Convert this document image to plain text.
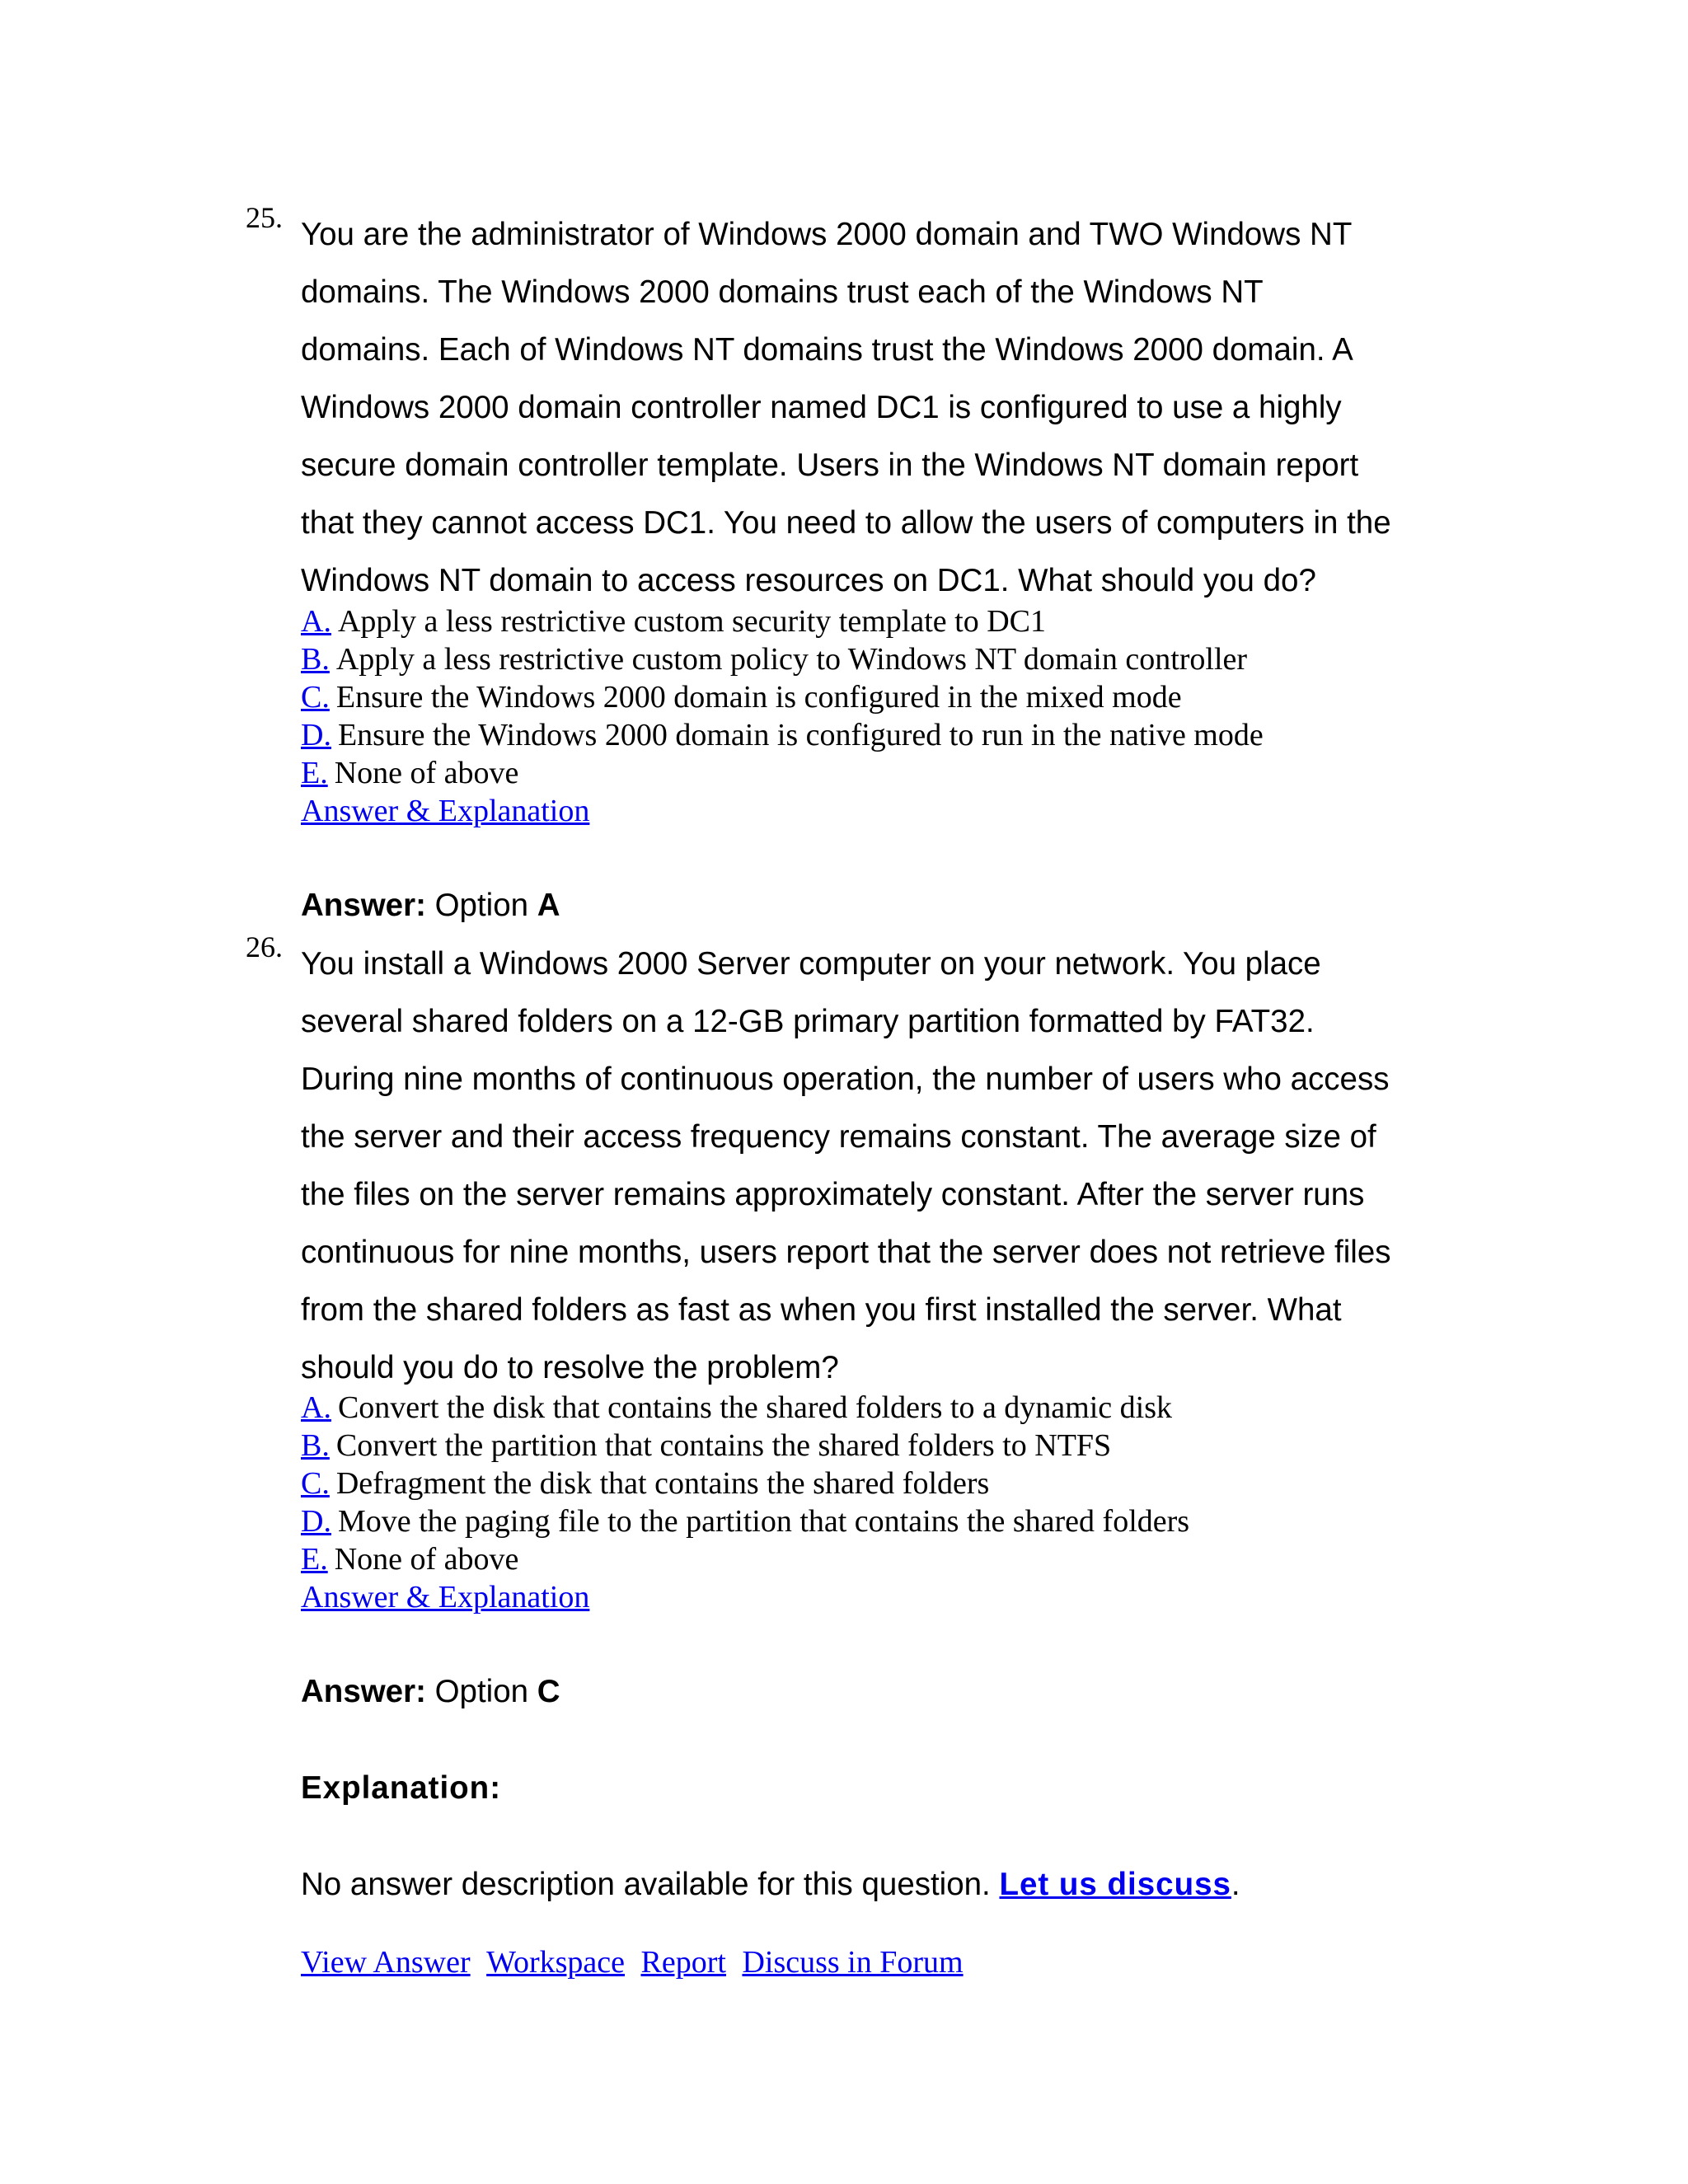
25. You are the administrator of Windows 2000 domain and TWO Windows NT
domains. The Windows 2000 domains trust each of the Windows NT
domains. Each of Windows NT domains trust the Windows 2000 domain. A
Windows 2000 domain controller named DC1 is configured to use a highly
secure domain controller template. Users in the Windows NT domain report
that they cannot access DC1. You need to allow the users of computers in the
Windows NT domain to access resources on DC1. What should you do?
A. Apply a less restrictive custom security template to DC1
B. Apply a less restrictive custom policy to Windows NT domain controller
C. Ensure the Windows 2000 domain is configured in the mixed mode
D. Ensure the Windows 2000 domain is configured to run in the native mode
E. None of above
Answer & Explanation
Answer: Option A
26. You install a Windows 2000 Server computer on your network. You place
several shared folders on a 12-GB primary partition formatted by FAT32.
During nine months of continuous operation, the number of users who access
the server and their access frequency remains constant. The average size of
the files on the server remains approximately constant. After the server runs
continuous for nine months, users report that the server does not retrieve files
from the shared folders as fast as when you first installed the server. What
should you do to resolve the problem?
A. Convert the disk that contains the shared folders to a dynamic disk
B. Convert the partition that contains the shared folders to NTFS
C. Defragment the disk that contains the shared folders
D. Move the paging file to the partition that contains the shared folders
E. None of above
Answer & Explanation
Answer: Option C
Explanation:
No answer description available for this question. Let us discuss.
View Answer Workspace Report Discuss in Forum
